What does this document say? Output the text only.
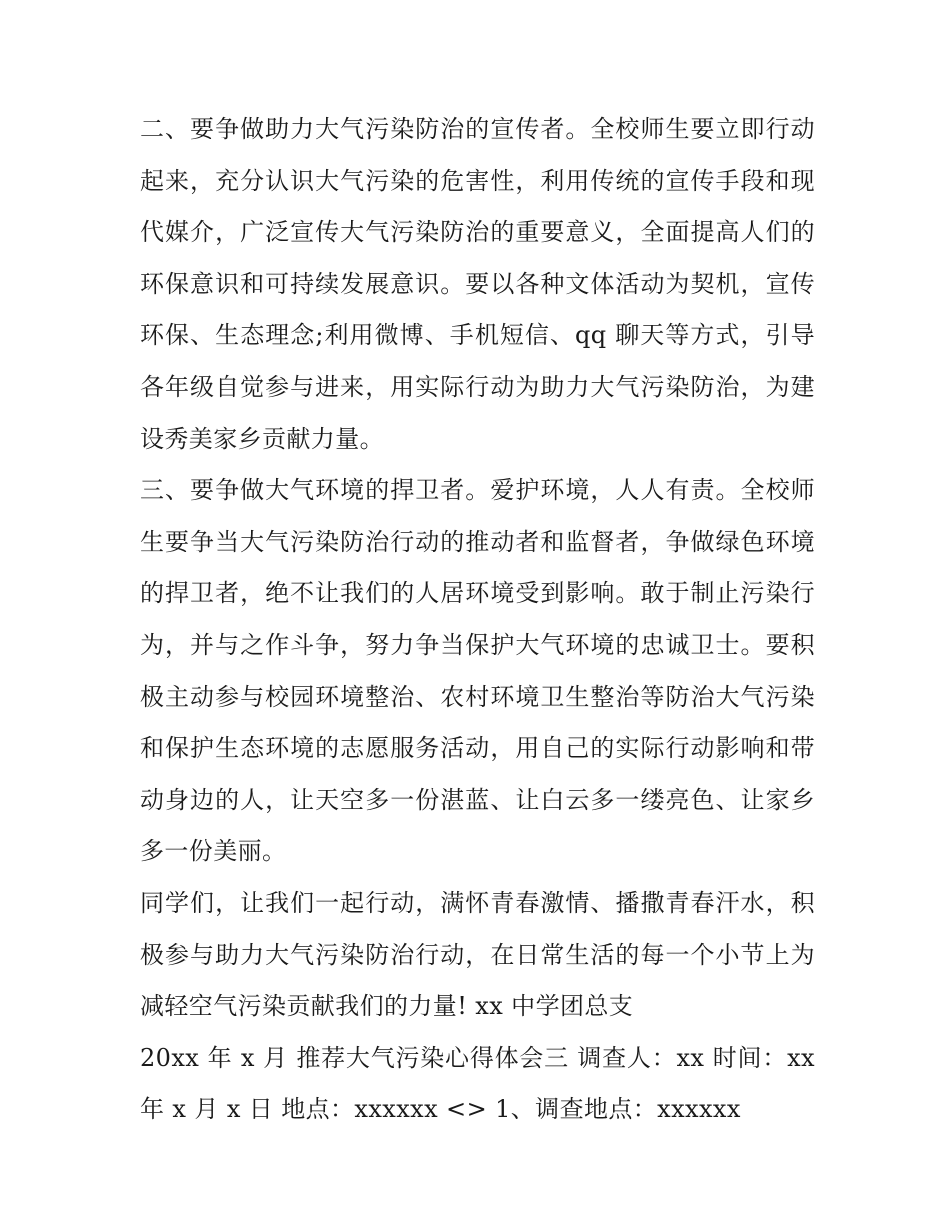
二、要争做助力大气污染防治的宣传者。全校师生要立即行动起来，充分认识大气污染的危害性，利用传统的宣传手段和现代媒介，广泛宣传大气污染防治的重要意义，全面提高人们的环保意识和可持续发展意识。要以各种文体活动为契机，宣传环保、生态理念;利用微博、手机短信、qq 聊天等方式，引导各年级自觉参与进来，用实际行动为助力大气污染防治，为建设秀美家乡贡献力量。

三、要争做大气环境的捍卫者。爱护环境，人人有责。全校师生要争当大气污染防治行动的推动者和监督者，争做绿色环境的捍卫者，绝不让我们的人居环境受到影响。敢于制止污染行为，并与之作斗争，努力争当保护大气环境的忠诚卫士。要积极主动参与校园环境整治、农村环境卫生整治等防治大气污染和保护生态环境的志愿服务活动，用自己的实际行动影响和带动身边的人，让天空多一份湛蓝、让白云多一缕亮色、让家乡多一份美丽。

同学们，让我们一起行动，满怀青春激情、播撒青春汗水，积极参与助力大气污染防治行动，在日常生活的每一个小节上为减轻空气污染贡献我们的力量! xx 中学团总支

20xx 年 x 月 推荐大气污染心得体会三 调查人：xx 时间：xx 年 x 月 x 日 地点：xxxxxx <> 1、调查地点：xxxxxx
